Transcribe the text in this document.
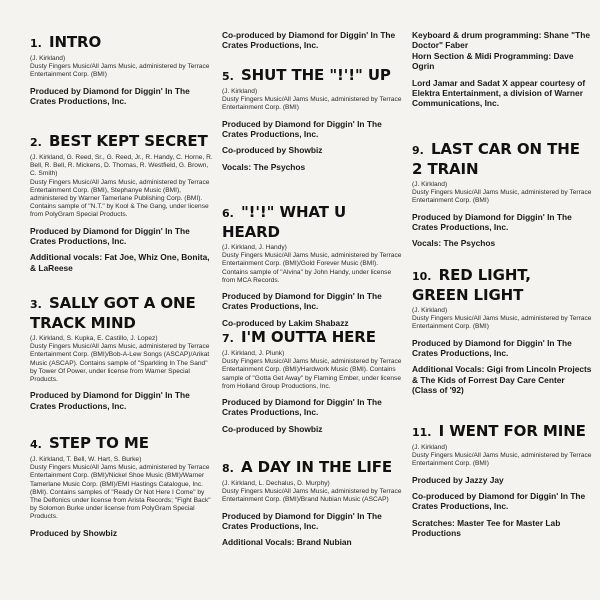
1. INTRO

(J. Kirkland)

Dusty Fingers Music/All Jams Music, administered by Terrace Entertainment Corp. (BMI)

Produced by Diamond for Diggin' In The Crates Productions, Inc.

2. BEST KEPT SECRET

(J. Kirkland, G. Reed, Sr., G. Reed, Jr., R. Handy, C. Horne, R. Bell, R. Bell, R. Mickens, D. Thomas, R. Westfield, G. Brown, C. Smith)

Dusty Fingers Music/All Jams Music, administered by Terrace Entertainment Corp. (BMI), Stephanye Music (BMI), administered by Warner Tamerlane Publishing Corp. (BMI). Contains sample of "N.T." by Kool & The Gang, under license from PolyGram Special Products.

Produced by Diamond for Diggin' In The Crates Productions, Inc.

Additional vocals: Fat Joe, Whiz One, Bonita, & LaReese

3. SALLY GOT A ONE TRACK MIND

(J. Kirkland, S. Kupka, E. Castillo, J. Lopez)

Dusty Fingers Music/All Jams Music, administered by Terrace Entertainment Corp. (BMI)/Bob-A-Lew Songs (ASCAP)/Arikat Music (ASCAP). Contains sample of "Sparkling In The Sand" by Tower Of Power, under license from Warner Special Products.

Produced by Diamond for Diggin' In The Crates Productions, Inc.

4. STEP TO ME

(J. Kirkland, T. Bell, W. Hart, S. Burke)

Dusty Fingers Music/All Jams Music, administered by Terrace Entertainment Corp. (BMI)/Nickel Shoe Music (BMI)/Warner Tamerlane Music Corp. (BMI)/EMI Hastings Catalogue, Inc. (BMI). Contains samples of "Ready Or Not Here I Come" by The Delfonics under license from Arista Records; "Fight Back" by Solomon Burke under license from PolyGram Special Products.

Produced by Showbiz

Co-produced by Diamond for Diggin' In The Crates Productions, Inc.

5. SHUT THE "!'!" UP

(J. Kirkland)

Dusty Fingers Music/All Jams Music, administered by Terrace Entertainment Corp. (BMI)

Produced by Diamond for Diggin' In The Crates Productions, Inc.

Co-produced by Showbiz

Vocals: The Psychos

6. "!'!" WHAT U HEARD

(J. Kirkland, J. Handy)

Dusty Fingers Music/All Jams Music, administered by Terrace Entertainment Corp. (BMI)/Gold Forever Music (BMI). Contains sample of "Alvina" by John Handy, under license from MCA Records.

Produced by Diamond for Diggin' In The Crates Productions, Inc.

Co-produced by Lakim Shabazz

7. I'M OUTTA HERE

(J. Kirkland, J. Plunk)

Dusty Fingers Music/All Jams Music, administered by Terrace Entertainment Corp. (BMI)/Hardwork Music (BMI). Contains sample of "Gotta Get Away" by Flaming Ember, under license from Holland Group Productions, Inc.

Produced by Diamond for Diggin' In The Crates Productions, Inc.

Co-produced by Showbiz

8. A DAY IN THE LIFE

(J. Kirkland, L. Dechalus, D. Murphy)

Dusty Fingers Music/All Jams Music, administered by Terrace Entertainment Corp. (BMI)/Brand Nubian Music (ASCAP)

Produced by Diamond for Diggin' In The Crates Productions, Inc.

Additional Vocals: Brand Nubian

Keyboard & drum programming: Shane "The Doctor" Faber

Horn Section & Midi Programming: Dave Ogrin

Lord Jamar and Sadat X appear courtesy of Elektra Entertainment, a division of Warner Communications, Inc.

9. LAST CAR ON THE 2 TRAIN

(J. Kirkland)

Dusty Fingers Music/All Jams Music, administered by Terrace Entertainment Corp. (BMI)

Produced by Diamond for Diggin' In The Crates Productions, Inc.

Vocals: The Psychos

10. RED LIGHT, GREEN LIGHT

(J. Kirkland)

Dusty Fingers Music/All Jams Music, administered by Terrace Entertainment Corp. (BMI)

Produced by Diamond for Diggin' In The Crates Productions, Inc.

Additional Vocals: Gigi from Lincoln Projects & The Kids of Forrest Day Care Center (Class of '92)

11. I WENT FOR MINE

(J. Kirkland)

Dusty Fingers Music/All Jams Music, administered by Terrace Entertainment Corp. (BMI)

Produced by Jazzy Jay

Co-produced by Diamond for Diggin' In The Crates Productions, Inc.

Scratches: Master Tee for Master Lab Productions
